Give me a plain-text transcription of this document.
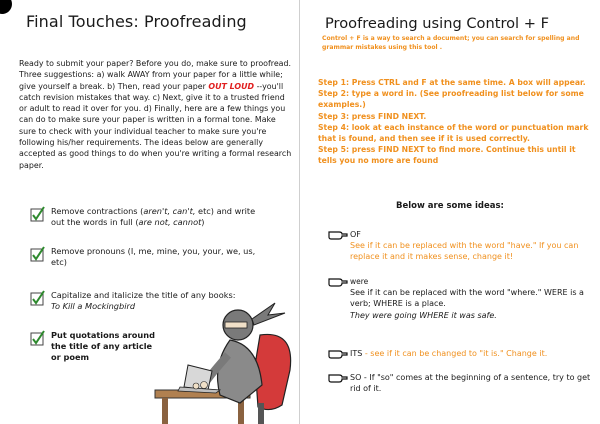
Final Touches: Proofreading

Ready to submit your paper? Before you do, make sure to proofread. Three suggestions: a) walk AWAY from your paper for a little while; give yourself a break. b) Then, read your paper OUT LOUD --you'll catch revision mistakes that way. c) Next, give it to a trusted friend or adult to read it over for you. d) Finally, here are a few things you can do to make sure your paper is written in a formal tone. Make sure to check with your individual teacher to make sure you're following his/her requirements. The ideas below are generally accepted as good things to do when you're writing a formal research paper.

Remove contractions (aren't, can't, etc) and write out the words in full (are not, cannot)
Remove pronouns (I, me, mine, you, your, we, us, etc)
Capitalize and italicize the title of any books:
To Kill a Mockingbird
Put quotations around the title of any article or poem
Proofreading using Control + F
Control + F is a way to search a document; you can search for spelling and grammar mistakes using this tool .
Step 1: Press CTRL and F at the same time. A box will appear.
Step 2: type a word in. (See proofreading list below for some examples.)
Step 3: press FIND NEXT.
Step 4: look at each instance of the word or punctuation mark that is found, and then see if it is used correctly.
Step 5: press FIND NEXT to find more. Continue this until it tells you no more are found
Below are some ideas:
OF
See if it can be replaced with the word "have." If you can replace it and it makes sense, change it!
were
See if it can be replaced with the word "where." WERE is a verb; WHERE is a place.
They were going WHERE it was safe.
ITS - see if it can be changed to "it is." Change it.
SO - If "so" comes at the beginning of a sentence, try to get rid of it.
